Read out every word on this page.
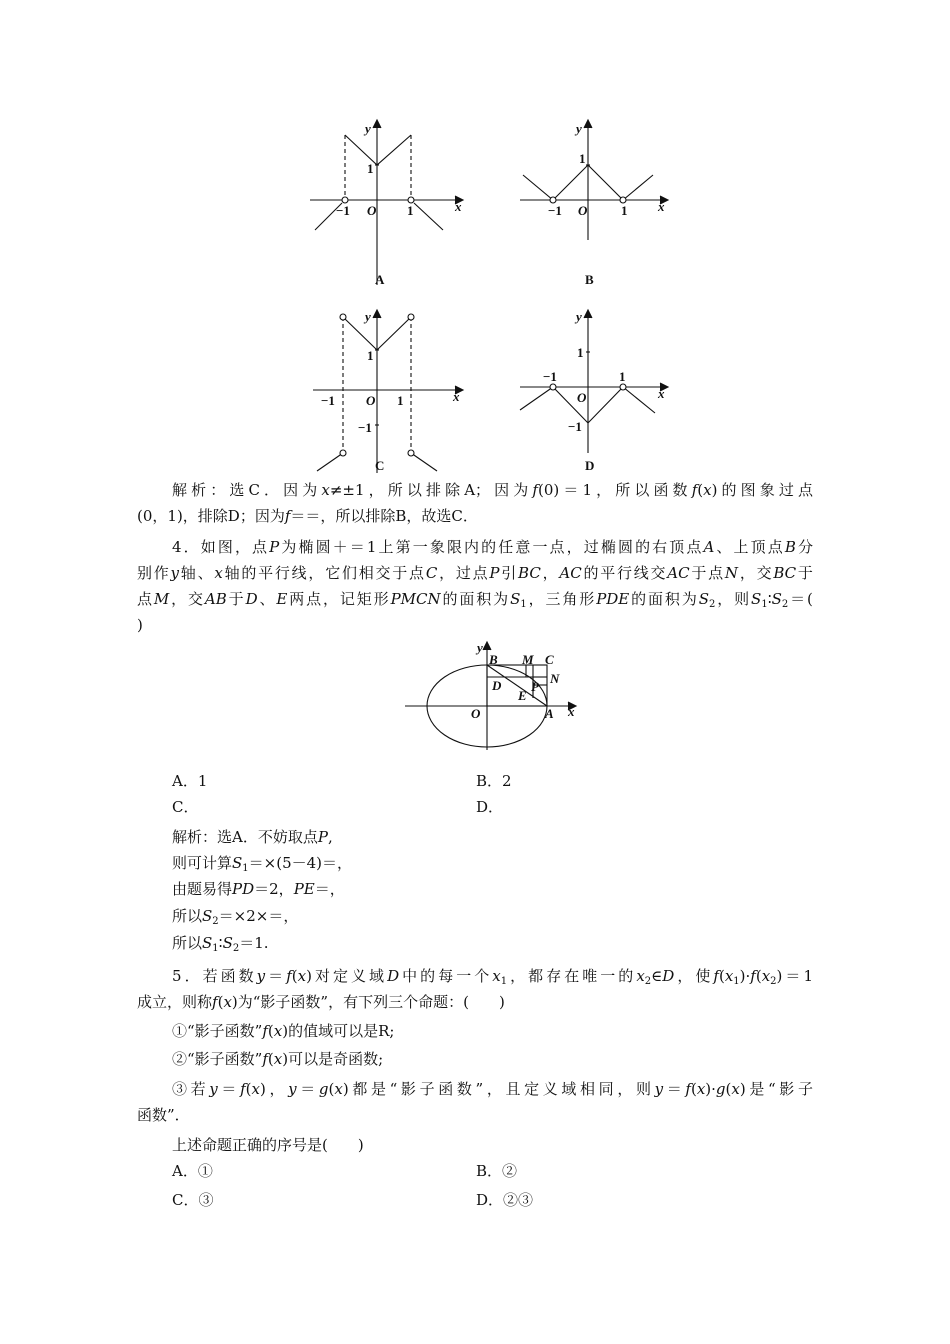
y
x
1
O
−1	1
A
y
x
1
O
−1	1
B
y
x
1
O
−1	1
−1
C
y
x
1
O
−1	1
−1
D
解析：选C．因为x≠±1，所以排除A；因为f(0)＝1，所以函数f(x)的图象过点
(0，1)，排除D；因为f＝＝，所以排除B，故选C．
4．如图，点P为椭圆＋＝1上第一象限内的任意一点，过椭圆的右顶点A、上顶点B分
别作y轴、x轴的平行线，它们相交于点C，过点P引BC，AC的平行线交AC于点N，交BC于
点M，交AB于D、E两点，记矩形PMCN的面积为$S_1$，三角形PDE的面积为$S_2$，则$S_1∶S_2=$(
)
y
x
B M C
N
D P
E
O	A
A．1	B．2
C．	D．
解析：选A．不妨取点P,
则可计算$S_1=\times(5-4)=$，
由题易得PD＝2，PE＝，
所以$S_2=\times 2\times=$，
所以$S_1∶S_2=1$.
5．若函数y＝f(x)对定义域D中的每一个$x_1$，都存在唯一的$x_2\in D$，使$f(x_1)\cdot f(x_2)=1$
成立，则称f(x)为“影子函数”，有下列三个命题：(　　)
①“影子函数”f(x)的值域可以是R;
②“影子函数”f(x)可以是奇函数;
③若y＝f(x)，y＝g(x)都是“影子函数”，且定义域相同，则y＝f(x)·g(x)是“影子
函数”．
上述命题正确的序号是(　　)
A．①	B．②
C．③	D．②③
